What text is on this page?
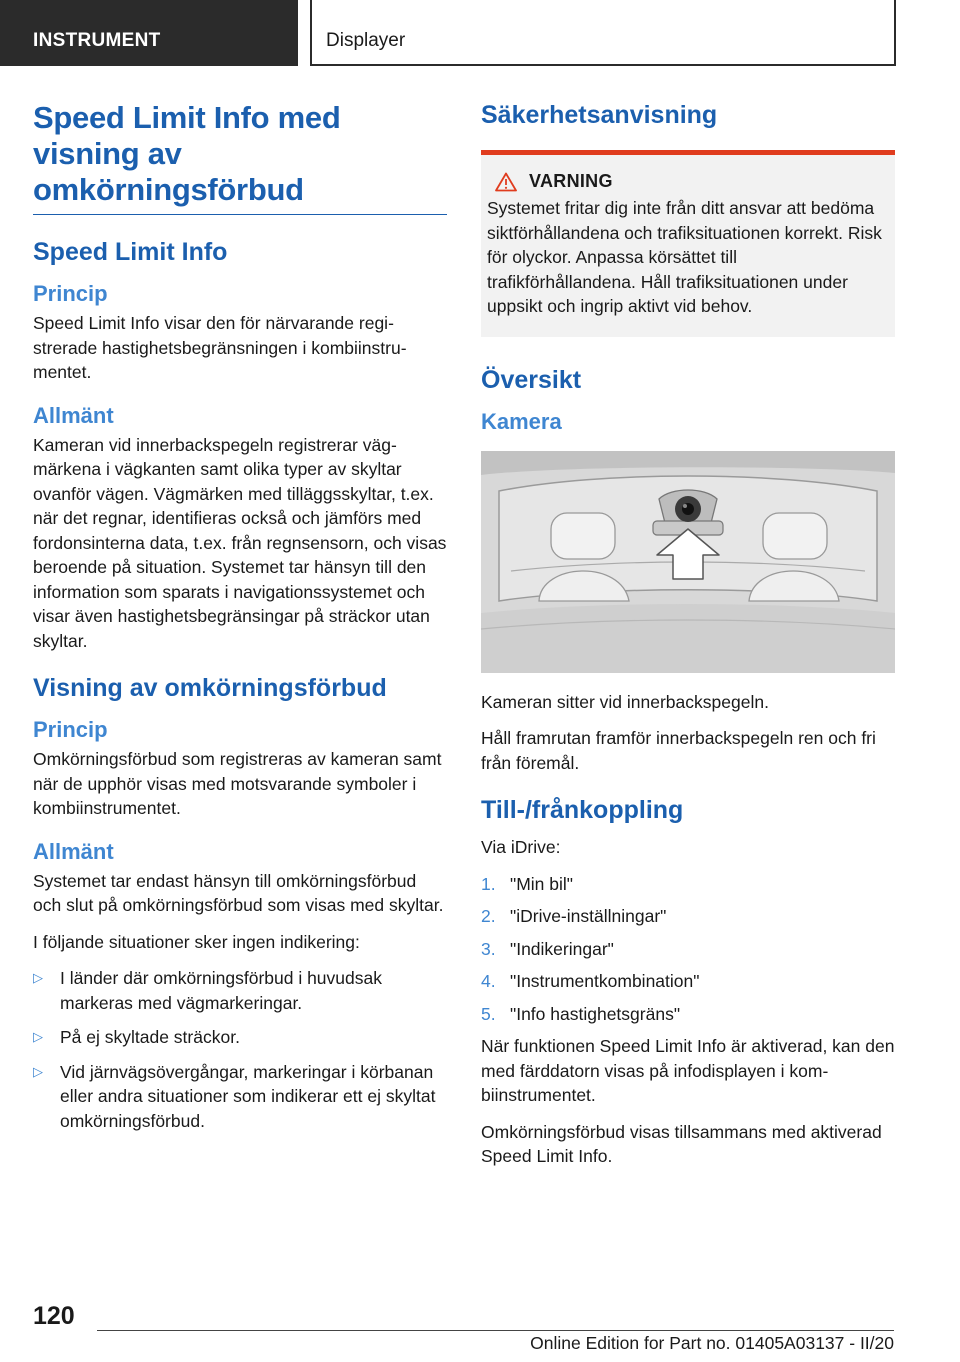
INSTRUMENT	Displayer
Speed Limit Info med visning av omkörningsförbud
Speed Limit Info
Princip

Speed Limit Info visar den för närvarande registrerade hastighetsbegränsningen i kombiinstrumentet.

Allmänt

Kameran vid innerbackspegeln registrerar vägmärkena i vägkanten samt olika typer av skyltar ovanför vägen. Vägmärken med tilläggsskyltar, t.ex. när det regnar, identifieras också och jämförs med fordonsinterna data, t.ex. från regnsensorn, och visas beroende på situation. Systemet tar hänsyn till den information som sparats i navigationssystemet och visar även hastighetsbegränsingar på sträckor utan skyltar.

Visning av omkörningsförbud
Princip

Omkörningsförbud som registreras av kameran samt när de upphör visas med motsvarande symboler i kombiinstrumentet.

Allmänt

Systemet tar endast hänsyn till omkörningsförbud och slut på omkörningsförbud som visas med skyltar.

I följande situationer sker ingen indikering:

▷ I länder där omkörningsförbud i huvudsak markeras med vägmarkeringar.
▷ På ej skyltade sträckor.
▷ Vid järnvägsövergångar, markeringar i körbanan eller andra situationer som indikerar ett ej skyltat omkörningsförbud.
Säkerhetsanvisning
VARNING

Systemet fritar dig inte från ditt ansvar att bedöma siktförhållandena och trafiksituationen korrekt. Risk för olyckor. Anpassa körsättet till trafikförhållandena. Håll trafiksituationen under uppsikt och ingrip aktivt vid behov.

Översikt
Kamera

Kameran sitter vid innerbackspegeln.

Håll framrutan framför innerbackspegeln ren och fri från föremål.

Till-/frånkoppling

Via iDrive:

1. "Min bil"
2. "iDrive-inställningar"
3. "Indikeringar"
4. "Instrumentkombination"
5. "Info hastighetsgräns"

När funktionen Speed Limit Info är aktiverad, kan den med färddatorn visas på infodisplayen i kombiinstrumentet.

Omkörningsförbud visas tillsammans med aktiverad Speed Limit Info.

120
Online Edition for Part no. 01405A03137 - II/20
